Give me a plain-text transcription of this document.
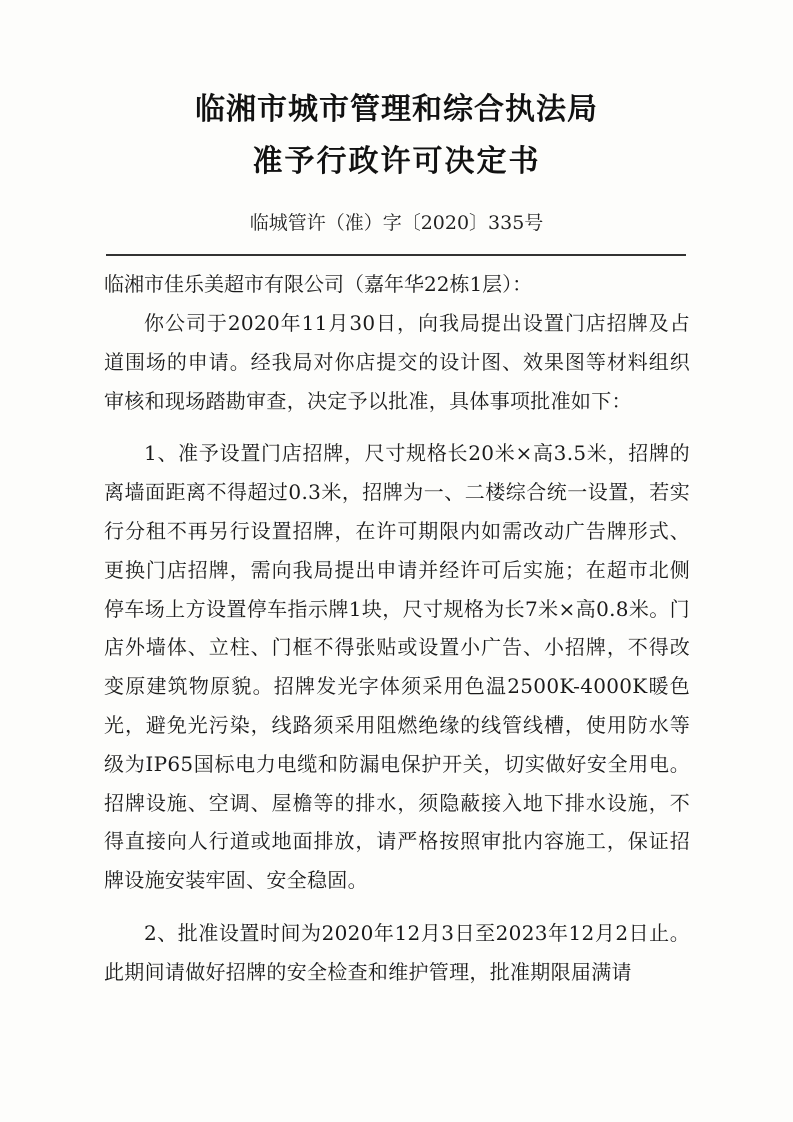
临湘市城市管理和综合执法局
准予行政许可决定书
临城管许（准）字〔2020〕335号
临湘市佳乐美超市有限公司（嘉年华22栋1层）：

你公司于2020年11月30日，向我局提出设置门店招牌及占道围场的申请。经我局对你店提交的设计图、效果图等材料组织审核和现场踏勘审查，决定予以批准，具体事项批准如下：

1、准予设置门店招牌，尺寸规格长20米×高3.5米，招牌的离墙面距离不得超过0.3米，招牌为一、二楼综合统一设置，若实行分租不再另行设置招牌，在许可期限内如需改动广告牌形式、更换门店招牌，需向我局提出申请并经许可后实施；在超市北侧停车场上方设置停车指示牌1块，尺寸规格为长7米×高0.8米。门店外墙体、立柱、门框不得张贴或设置小广告、小招牌，不得改变原建筑物原貌。招牌发光字体须采用色温2500K-4000K暖色光，避免光污染，线路须采用阻燃绝缘的线管线槽，使用防水等级为IP65国标电力电缆和防漏电保护开关，切实做好安全用电。招牌设施、空调、屋檐等的排水，须隐蔽接入地下排水设施，不得直接向人行道或地面排放，请严格按照审批内容施工，保证招牌设施安装牢固、安全稳固。

2、批准设置时间为2020年12月3日至2023年12月2日止。此期间请做好招牌的安全检查和维护管理，批准期限届满请
